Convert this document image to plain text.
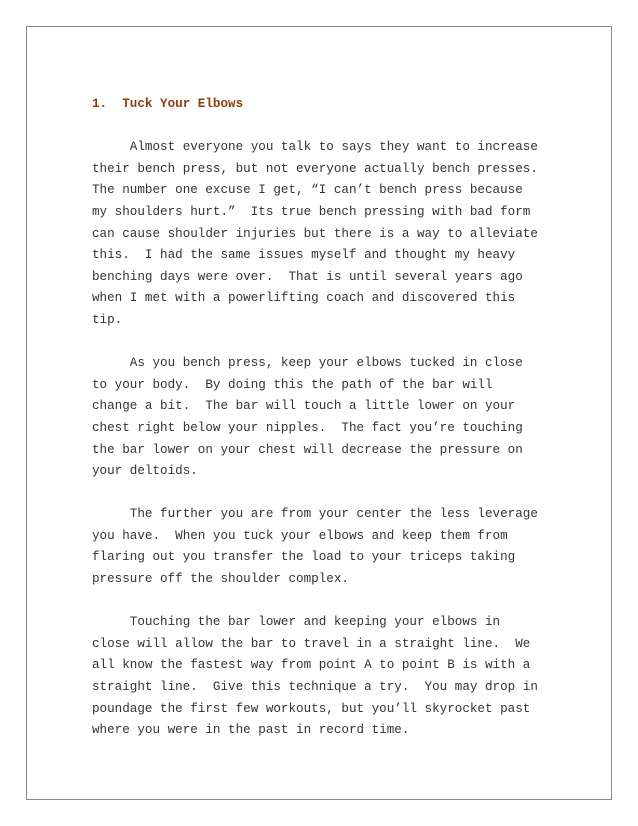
1.  Tuck Your Elbows
Almost everyone you talk to says they want to increase
their bench press, but not everyone actually bench presses.
The number one excuse I get, “I can’t bench press because
my shoulders hurt.”  Its true bench pressing with bad form
can cause shoulder injuries but there is a way to alleviate
this.  I had the same issues myself and thought my heavy
benching days were over.  That is until several years ago
when I met with a powerlifting coach and discovered this
tip.
As you bench press, keep your elbows tucked in close
to your body.  By doing this the path of the bar will
change a bit.  The bar will touch a little lower on your
chest right below your nipples.  The fact you’re touching
the bar lower on your chest will decrease the pressure on
your deltoids.
The further you are from your center the less leverage
you have.  When you tuck your elbows and keep them from
flaring out you transfer the load to your triceps taking
pressure off the shoulder complex.
Touching the bar lower and keeping your elbows in
close will allow the bar to travel in a straight line.  We
all know the fastest way from point A to point B is with a
straight line.  Give this technique a try.  You may drop in
poundage the first few workouts, but you’ll skyrocket past
where you were in the past in record time.
